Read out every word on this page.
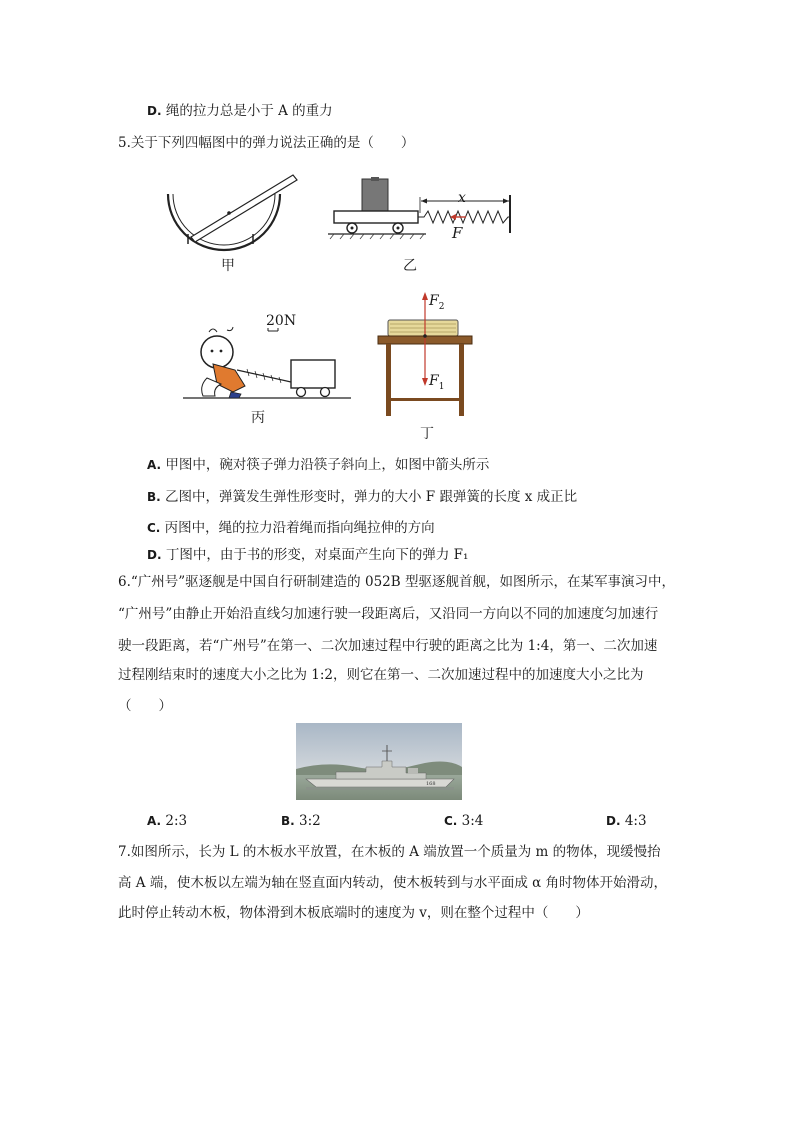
D. 绳的拉力总是小于 A 的重力
5.关于下列四幅图中的弹力说法正确的是（　　）
甲
x
F
乙
20N
丙
$F_2$
$F_1$
丁
A. 甲图中，碗对筷子弹力沿筷子斜向上，如图中箭头所示
B. 乙图中，弹簧发生弹性形变时，弹力的大小 F 跟弹簧的长度 x 成正比
C. 丙图中，绳的拉力沿着绳而指向绳拉伸的方向
D. 丁图中，由于书的形变，对桌面产生向下的弹力 F₁
6.“广州号”驱逐舰是中国自行研制建造的 052B 型驱逐舰首舰，如图所示，在某军事演习中，
“广州号”由静止开始沿直线匀加速行驶一段距离后，又沿同一方向以不同的加速度匀加速行
驶一段距离，若“广州号”在第一、二次加速过程中行驶的距离之比为 1:4，第一、二次加速
过程刚结束时的速度大小之比为 1:2，则它在第一、二次加速过程中的加速度大小之比为
（　　）
168
A. 2:3	B. 3:2	C. 3:4	D. 4:3
7.如图所示，长为 L 的木板水平放置，在木板的 A 端放置一个质量为 m 的物体，现缓慢抬
高 A 端，使木板以左端为轴在竖直面内转动，使木板转到与水平面成 α 角时物体开始滑动，
此时停止转动木板，物体滑到木板底端时的速度为 v，则在整个过程中（　　）
